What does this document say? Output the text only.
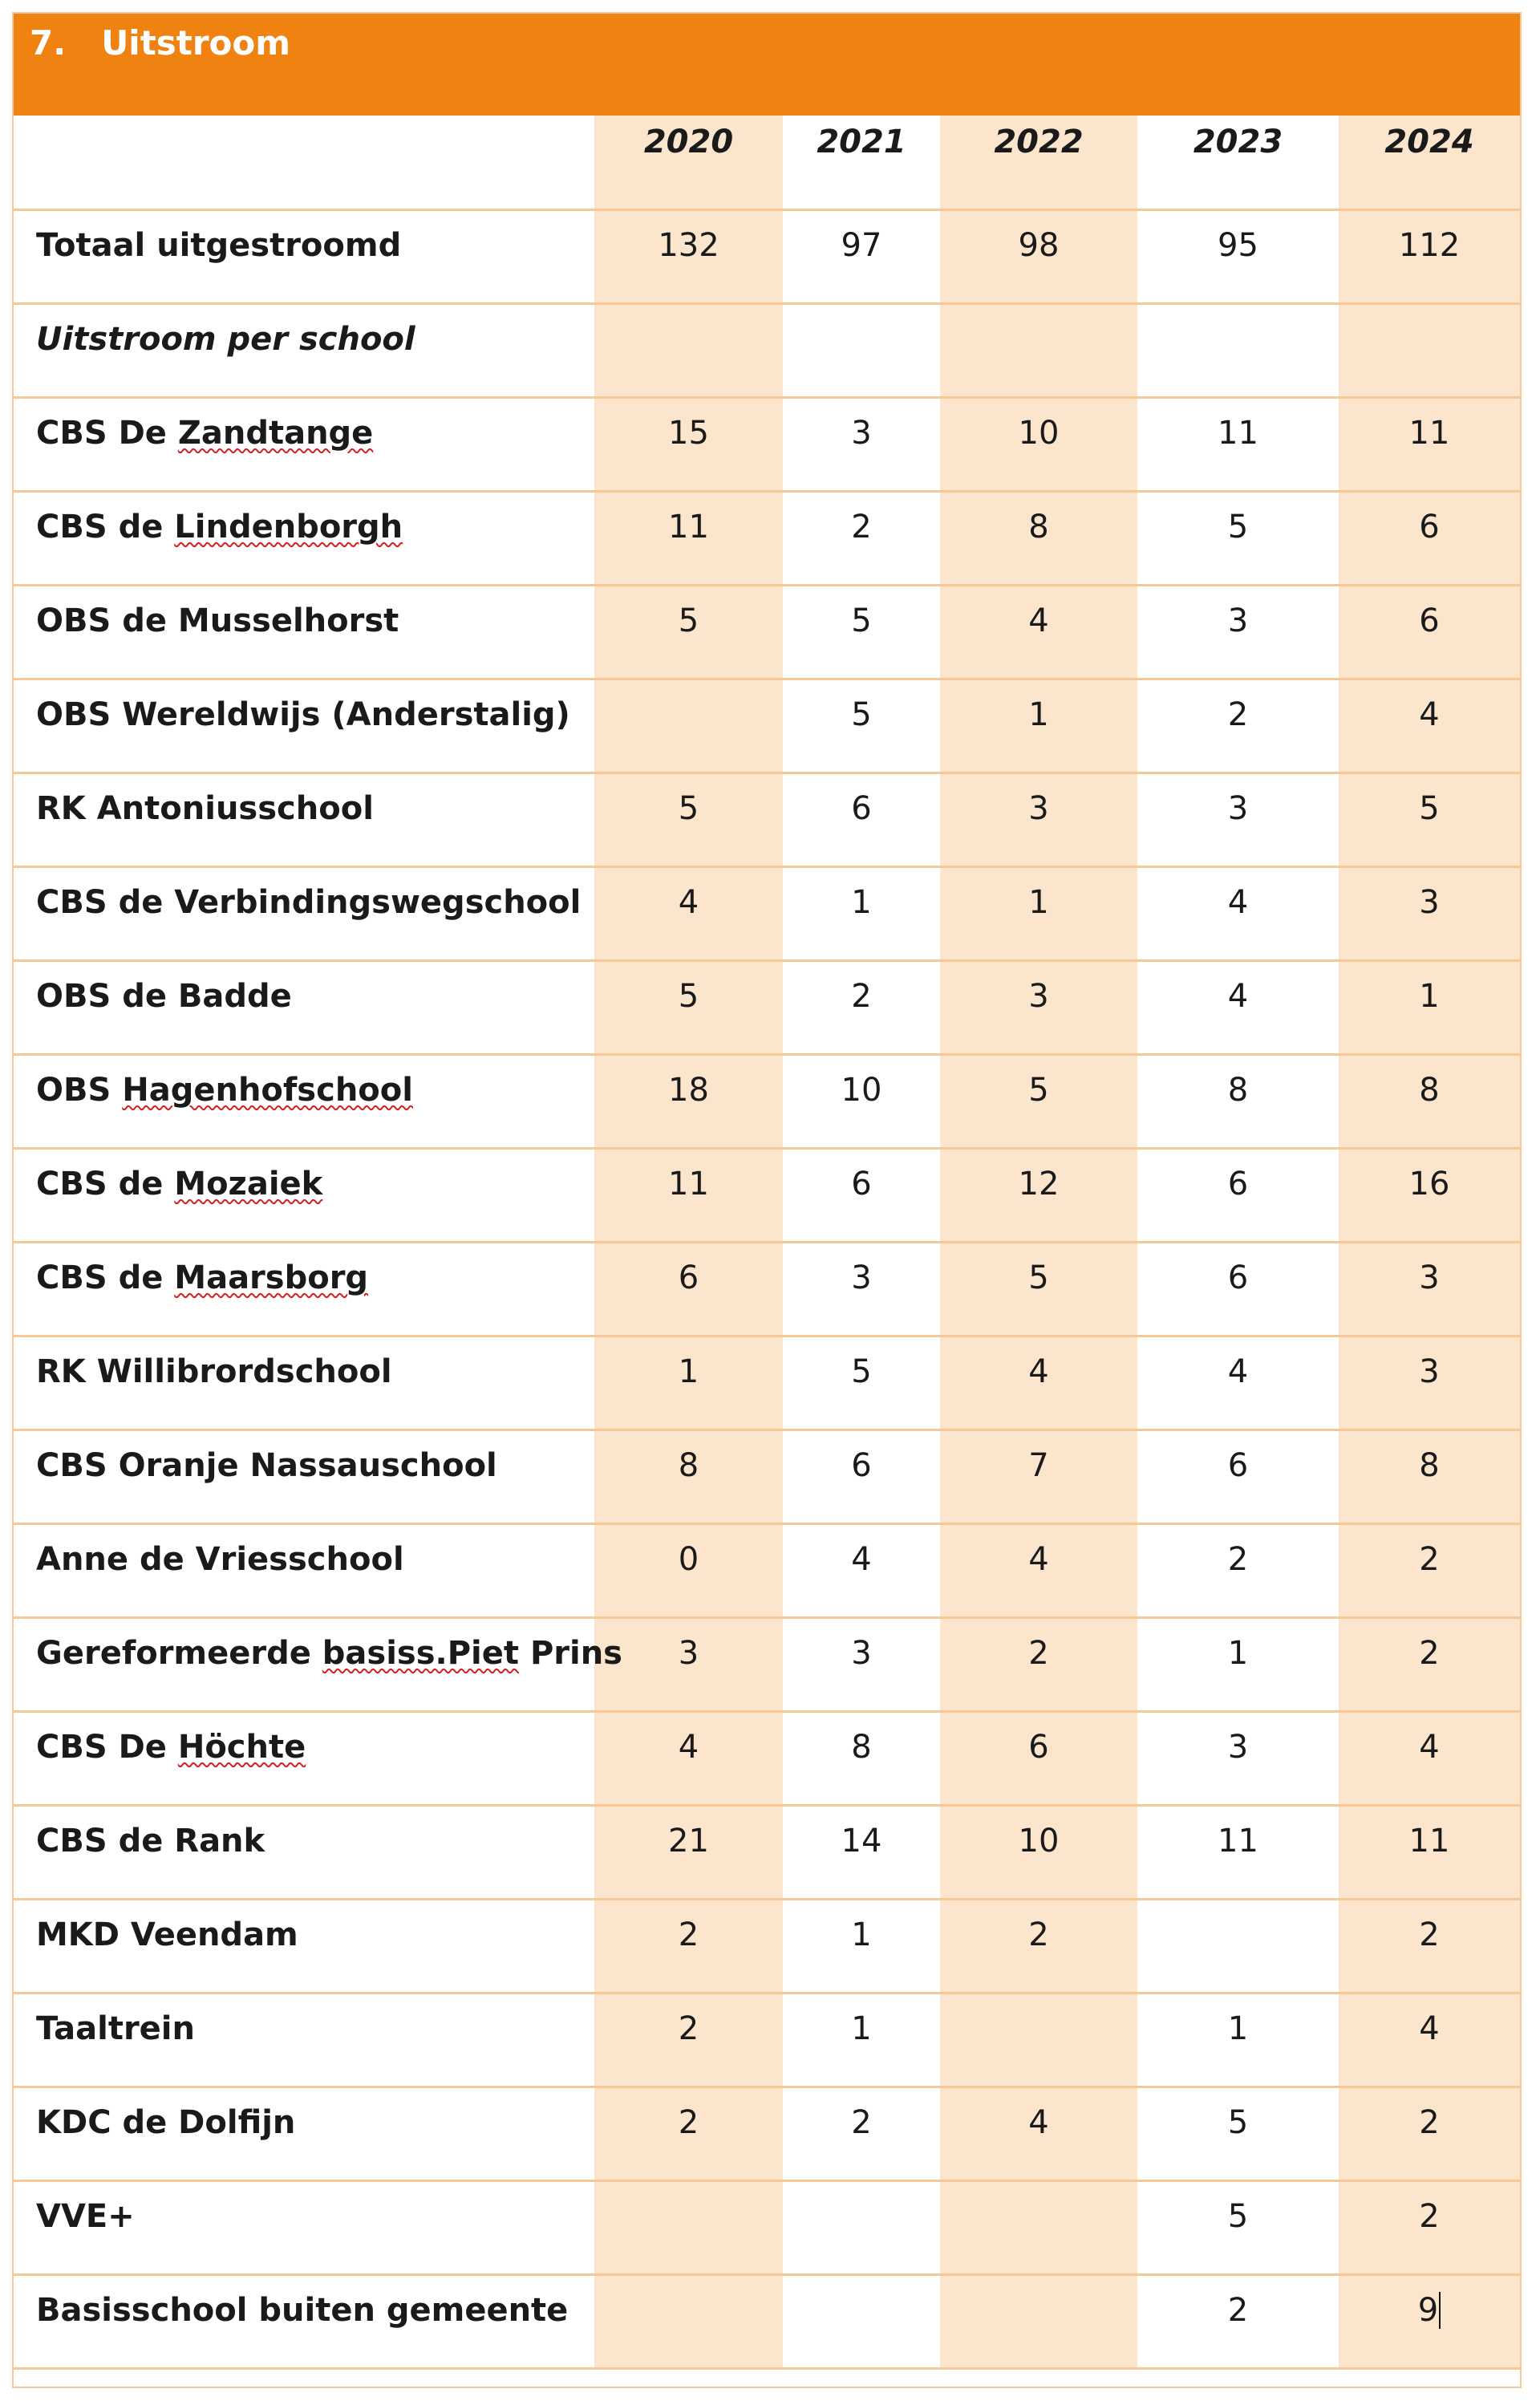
7. Uitstroom
	2020	2021	2022	2023	2024
Totaal uitgestroomd	132	97	98	95	112
Uitstroom per school					
CBS De Zandtange	15	3	10	11	11
CBS de Lindenborgh	11	2	8	5	6
OBS de Musselhorst	5	5	4	3	6
OBS Wereldwijs (Anderstalig)		5	1	2	4
RK Antoniusschool	5	6	3	3	5
CBS de Verbindingswegschool	4	1	1	4	3
OBS de Badde	5	2	3	4	1
OBS Hagenhofschool	18	10	5	8	8
CBS de Mozaiek	11	6	12	6	16
CBS de Maarsborg	6	3	5	6	3
RK Willibrordschool	1	5	4	4	3
CBS Oranje Nassauschool	8	6	7	6	8
Anne de Vriesschool	0	4	4	2	2
Gereformeerde basiss.Piet Prins	3	3	2	1	2
CBS De Höchte	4	8	6	3	4
CBS de Rank	21	14	10	11	11
MKD Veendam	2	1	2		2
Taaltrein	2	1		1	4
KDC de Dolfijn	2	2	4	5	2
VVE+				5	2
Basisschool buiten gemeente				2	9
